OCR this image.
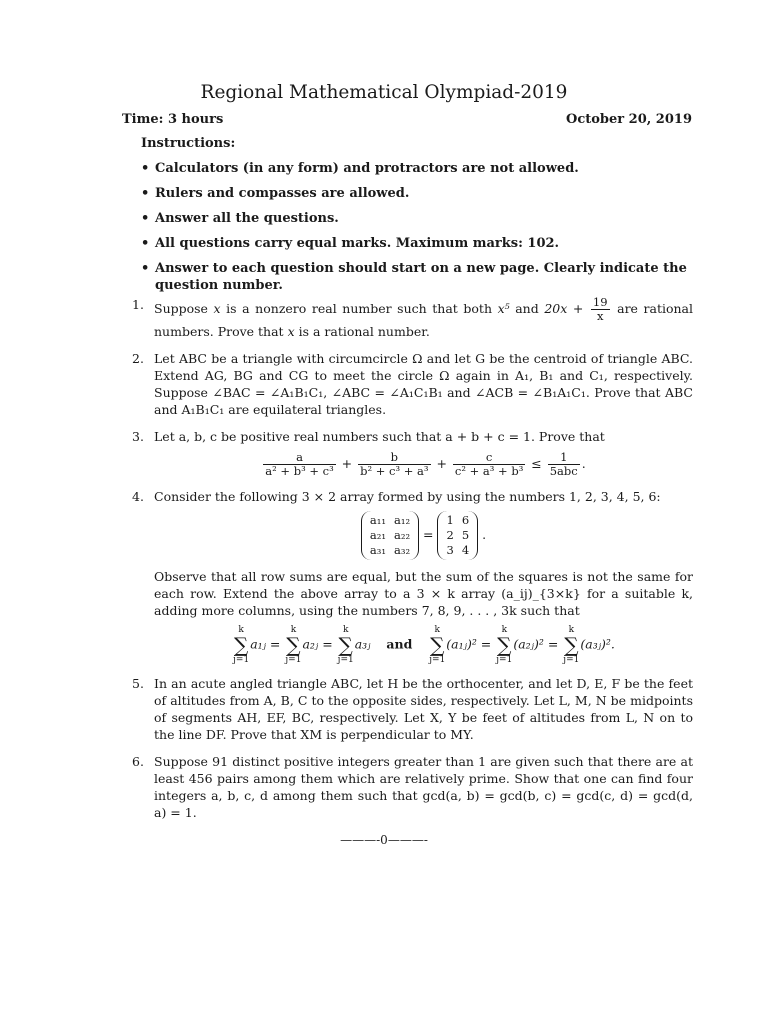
Regional Mathematical Olympiad-2019
Time: 3 hours	October 20, 2019
Instructions:
• Calculators (in any form) and protractors are not allowed.
• Rulers and compasses are allowed.
• Answer all the questions.
• All questions carry equal marks. Maximum marks: 102.
• Answer to each question should start on a new page. Clearly indicate the question number.
1. Suppose x is a nonzero real number such that both x⁵ and $20x + \frac{19}{x}$ are rational numbers. Prove that x is a rational number.
2. Let ABC be a triangle with circumcircle Ω and let G be the centroid of triangle ABC. Extend AG, BG and CG to meet the circle Ω again in A₁, B₁ and C₁, respectively. Suppose ∠BAC = ∠A₁B₁C₁, ∠ABC = ∠A₁C₁B₁ and ∠ACB = ∠B₁A₁C₁. Prove that ABC and A₁B₁C₁ are equilateral triangles.
3. Let a, b, c be positive real numbers such that a + b + c = 1. Prove that
$\frac{a}{\text{a² + b³ + c³}} + \frac{b}{\text{b² + c³ + a³}} + \frac{c}{\text{c² + a³ + b³}} \le \frac{1}{\text{5abc}}$ .
4. Consider the following 3 × 2 array formed by using the numbers 1, 2, 3, 4, 5, 6:
a₁₁	a₁₂
a₂₁	a₂₂
a₃₁	a₃₂
=
1	6
2	5
3	4
.
Observe that all row sums are equal, but the sum of the squares is not the same for each row. Extend the above array to a 3 × k array (a_ij)_{3×k} for a suitable k, adding more columns, using the numbers 7, 8, 9, . . . , 3k such that
k
∑
j=1a₁ⱼ = k
∑
j=1a₂ⱼ = k
∑
j=1a₃ⱼ and    k
∑
j=1(a₁ⱼ)² = k
∑
j=1(a₂ⱼ)² = k
∑
j=1(a₃ⱼ)².
5. In an acute angled triangle ABC, let H be the orthocenter, and let D, E, F be the feet of altitudes from A, B, C to the opposite sides, respectively. Let L, M, N be midpoints of segments AH, EF, BC, respectively. Let X, Y be feet of altitudes from L, N on to the line DF. Prove that XM is perpendicular to MY.
6. Suppose 91 distinct positive integers greater than 1 are given such that there are at least 456 pairs among them which are relatively prime. Show that one can find four integers a, b, c, d among them such that gcd(a, b) = gcd(b, c) = gcd(c, d) = gcd(d, a) = 1.
———-0———-
